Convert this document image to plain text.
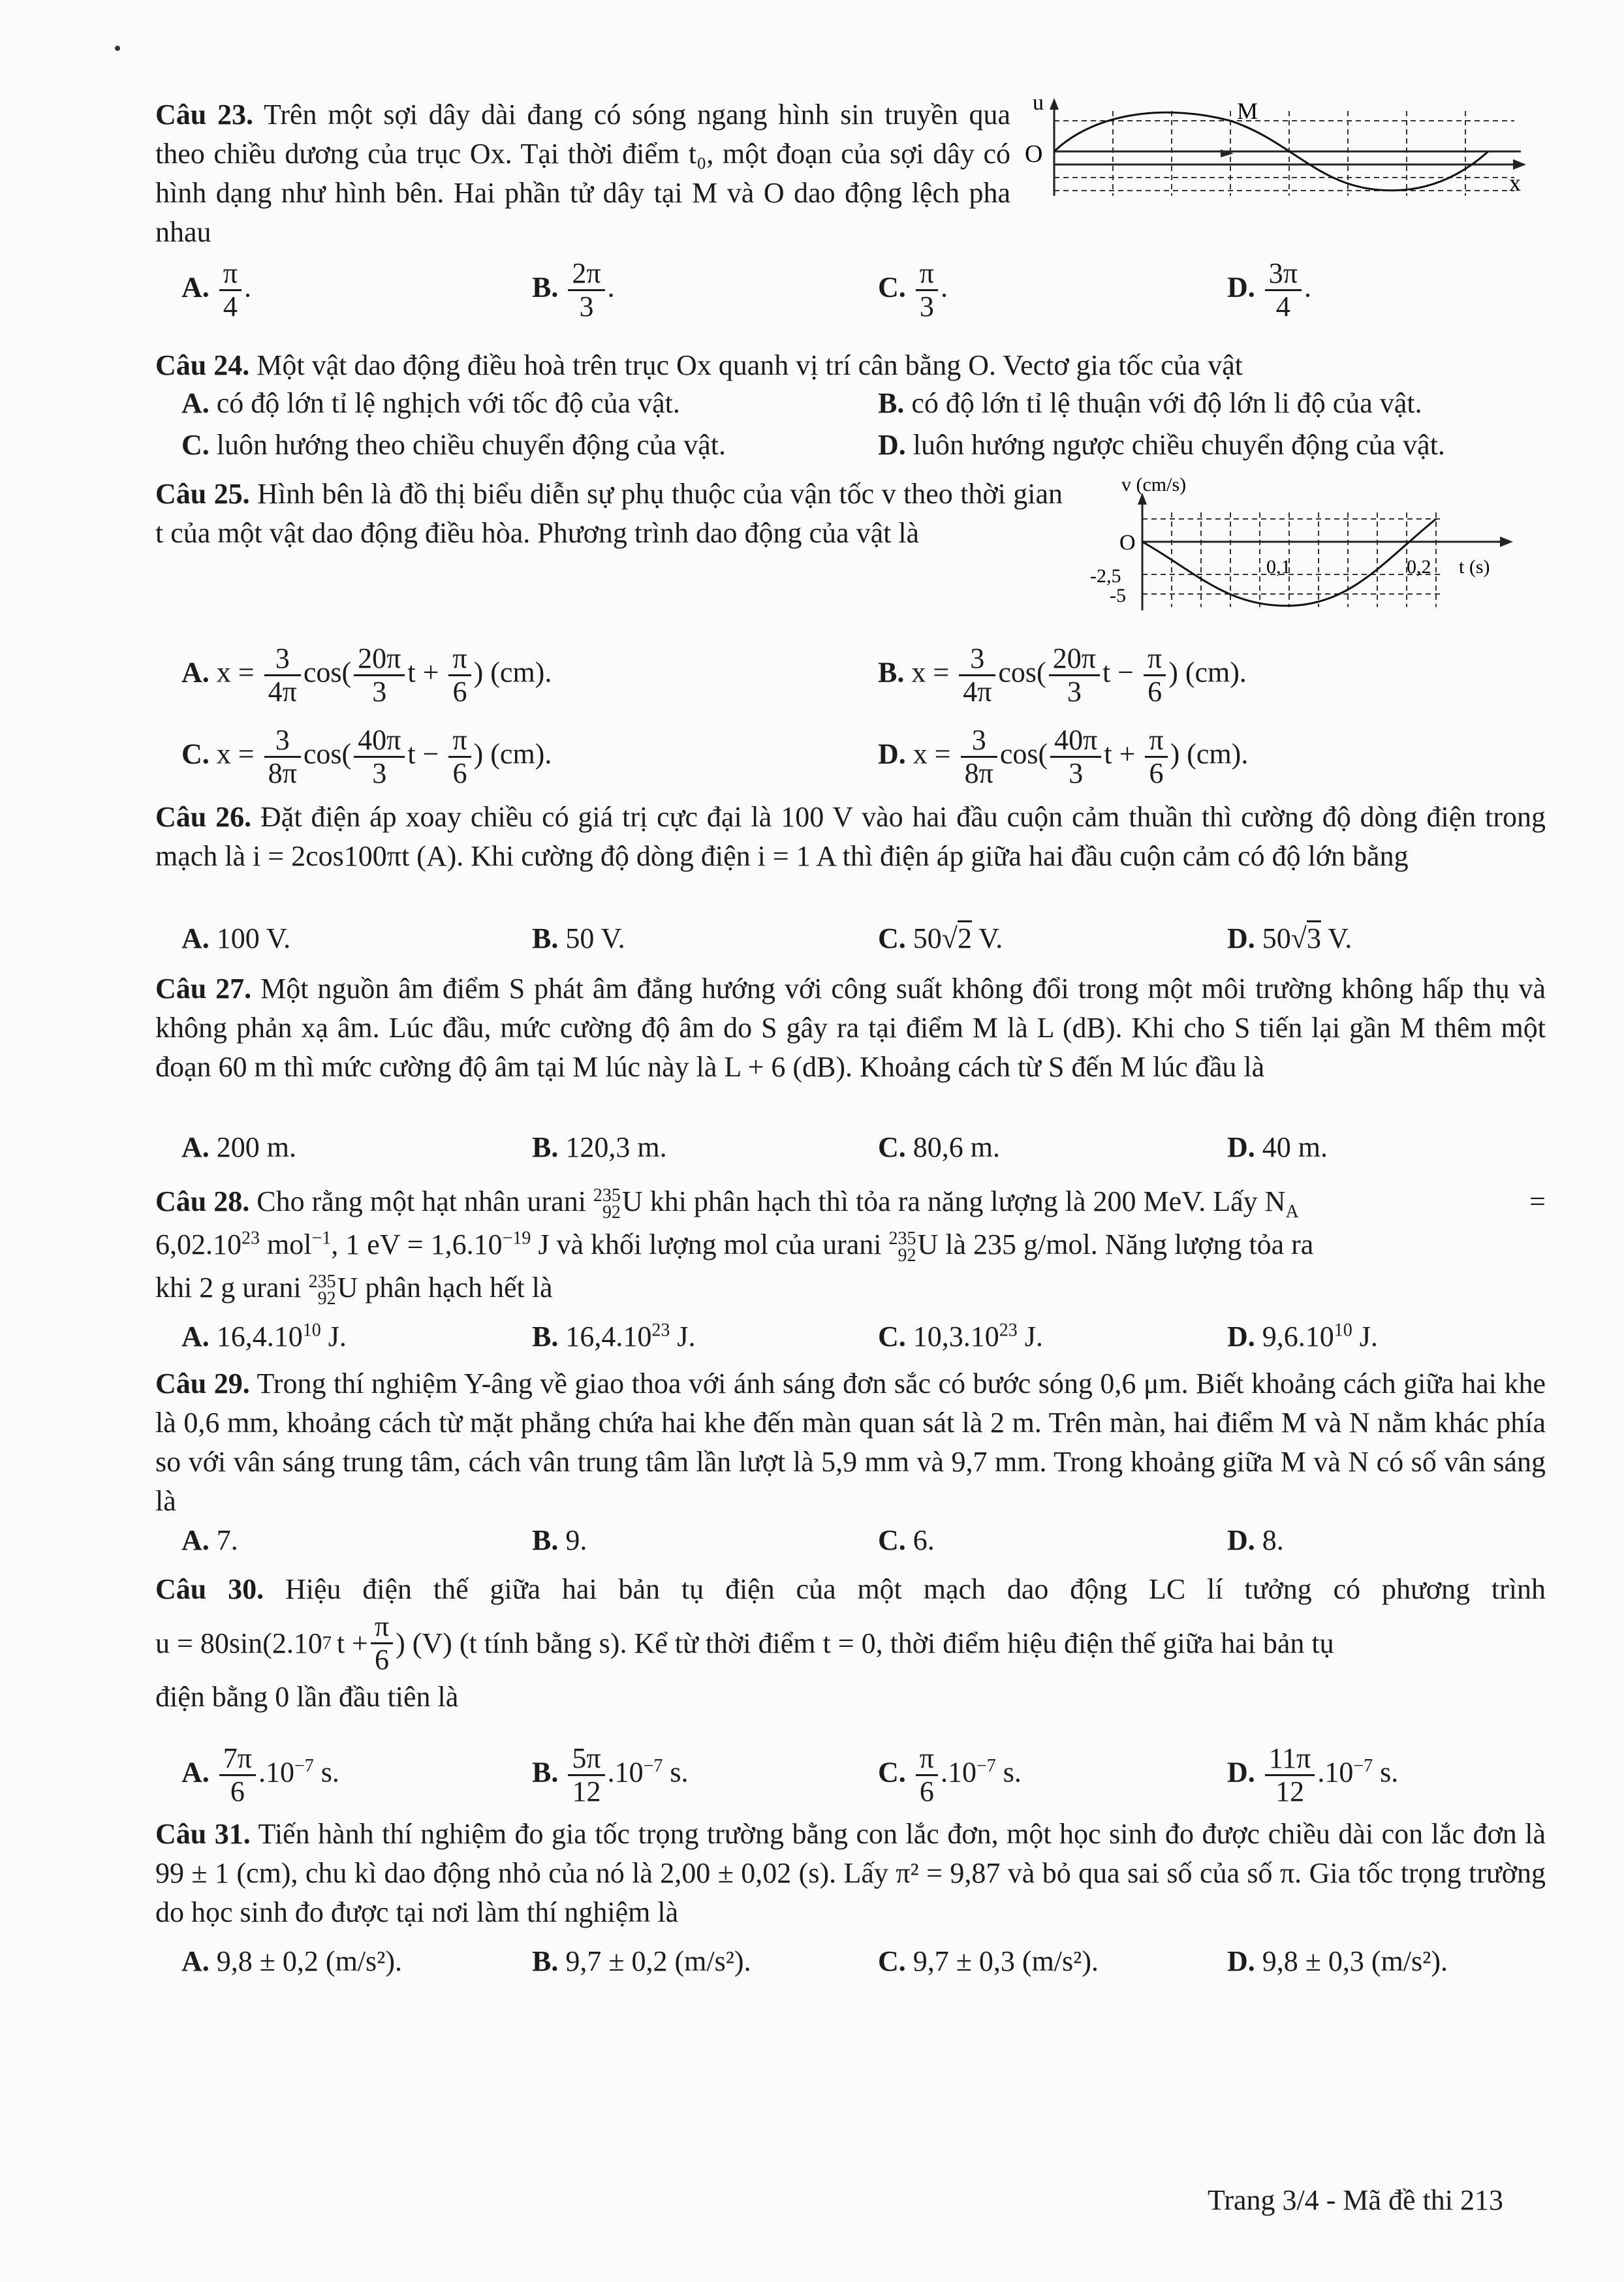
Câu 23. Trên một sợi dây dài đang có sóng ngang hình sin truyền qua theo chiều dương của trục Ox. Tại thời điểm t₀, một đoạn của sợi dây có hình dạng như hình bên. Hai phần tử dây tại M và O dao động lệch pha nhau

u
O
M
x
A. $\frac{\pi}{4}$ .	B. $\frac{2\pi}{3}$ .	C. $\frac{\pi}{3}$ .	D. $\frac{3\pi}{4}$ .

Câu 24. Một vật dao động điều hoà trên trục Ox quanh vị trí cân bằng O. Vectơ gia tốc của vật

A. có độ lớn tỉ lệ nghịch với tốc độ của vật.	B. có độ lớn tỉ lệ thuận với độ lớn li độ của vật.
C. luôn hướng theo chiều chuyển động của vật.	D. luôn hướng ngược chiều chuyển động của vật.

Câu 25. Hình bên là đồ thị biểu diễn sự phụ thuộc của vận tốc v theo thời gian t của một vật dao động điều hòa. Phương trình dao động của vật là

v (cm/s)
O
-2,5
-5
0,1	0,2 t (s)
A. $x = \frac{3}{4\pi} \cos( \frac{20\pi}{3}$ $t + \frac{\pi}{6}$ ) (cm).	B. $x = \frac{3}{4\pi} \cos( \frac{20\pi}{3}$ $t - \frac{\pi}{6}$ ) (cm).
C. $x = \frac{3}{8\pi} \cos( \frac{40\pi}{3}$ $t - \frac{\pi}{6}$ ) (cm).	D. $x = \frac{3}{8\pi} \cos( \frac{40\pi}{3}$ $t + \frac{\pi}{6}$ ) (cm).

Câu 26. Đặt điện áp xoay chiều có giá trị cực đại là 100 V vào hai đầu cuộn cảm thuần thì cường độ dòng điện trong mạch là i = 2cos100πt (A). Khi cường độ dòng điện i = 1 A thì điện áp giữa hai đầu cuộn cảm có độ lớn bằng

A. 100 V.	B. 50 V.	C. 50√2 V.	D. 50√3 V.

Câu 27. Một nguồn âm điểm S phát âm đẳng hướng với công suất không đổi trong một môi trường không hấp thụ và không phản xạ âm. Lúc đầu, mức cường độ âm do S gây ra tại điểm M là L (dB). Khi cho S tiến lại gần M thêm một đoạn 60 m thì mức cường độ âm tại M lúc này là L + 6 (dB). Khoảng cách từ S đến M lúc đầu là

A. 200 m.	B. 120,3 m.	C. 80,6 m.	D. 40 m.
Câu 28. Cho rằng một hạt nhân urani 235
92 U khi phân hạch thì tỏa ra năng lượng là 200 MeV. Lấy $N_A$	=
$6,02.10^{23}$ mol$^{-1}$, 1 eV = $1,6.10^{-19}$ J và khối lượng mol của urani 235
92 U là 235 g/mol. Năng lượng tỏa ra
khi 2 g urani 235
92 U phân hạch hết là
A. 16,4.10$^{10}$ J.	B. 16,4.10$^{23}$ J.	C. 10,3.10$^{23}$ J.	D. 9,6.10$^{10}$ J.

Câu 29. Trong thí nghiệm Y-âng về giao thoa với ánh sáng đơn sắc có bước sóng 0,6 μm. Biết khoảng cách giữa hai khe là 0,6 mm, khoảng cách từ mặt phẳng chứa hai khe đến màn quan sát là 2 m. Trên màn, hai điểm M và N nằm khác phía so với vân sáng trung tâm, cách vân trung tâm lần lượt là 5,9 mm và 9,7 mm. Trong khoảng giữa M và N có số vân sáng là

A. 7.	B. 9.	C. 6.	D. 8.

Câu 30. Hiệu điện thế giữa hai bản tụ điện của một mạch dao động LC lí tưởng có phương trình

u = 80sin(2.10 7 $t + \frac{\pi}{6}$ ) (V) (t tính bằng s). Kể từ thời điểm t = 0, thời điểm hiệu điện thế giữa hai bản tụ

điện bằng 0 lần đầu tiên là

A. $\frac{7\pi}{6} .10^{-7}$ s.	B. $\frac{5\pi}{12} .10^{-7}$ s.	C. $\frac{\pi}{6} .10^{-7}$ s.	D. $\frac{11\pi}{12} .10^{-7}$ s.

Câu 31. Tiến hành thí nghiệm đo gia tốc trọng trường bằng con lắc đơn, một học sinh đo được chiều dài con lắc đơn là 99 ± 1 (cm), chu kì dao động nhỏ của nó là 2,00 ± 0,02 (s). Lấy π² = 9,87 và bỏ qua sai số của số π. Gia tốc trọng trường do học sinh đo được tại nơi làm thí nghiệm là

A. 9,8 ± 0,2 (m/s²).	B. 9,7 ± 0,2 (m/s²).	C. 9,7 ± 0,3 (m/s²).	D. 9,8 ± 0,3 (m/s²).
Trang 3/4 - Mã đề thi 213
